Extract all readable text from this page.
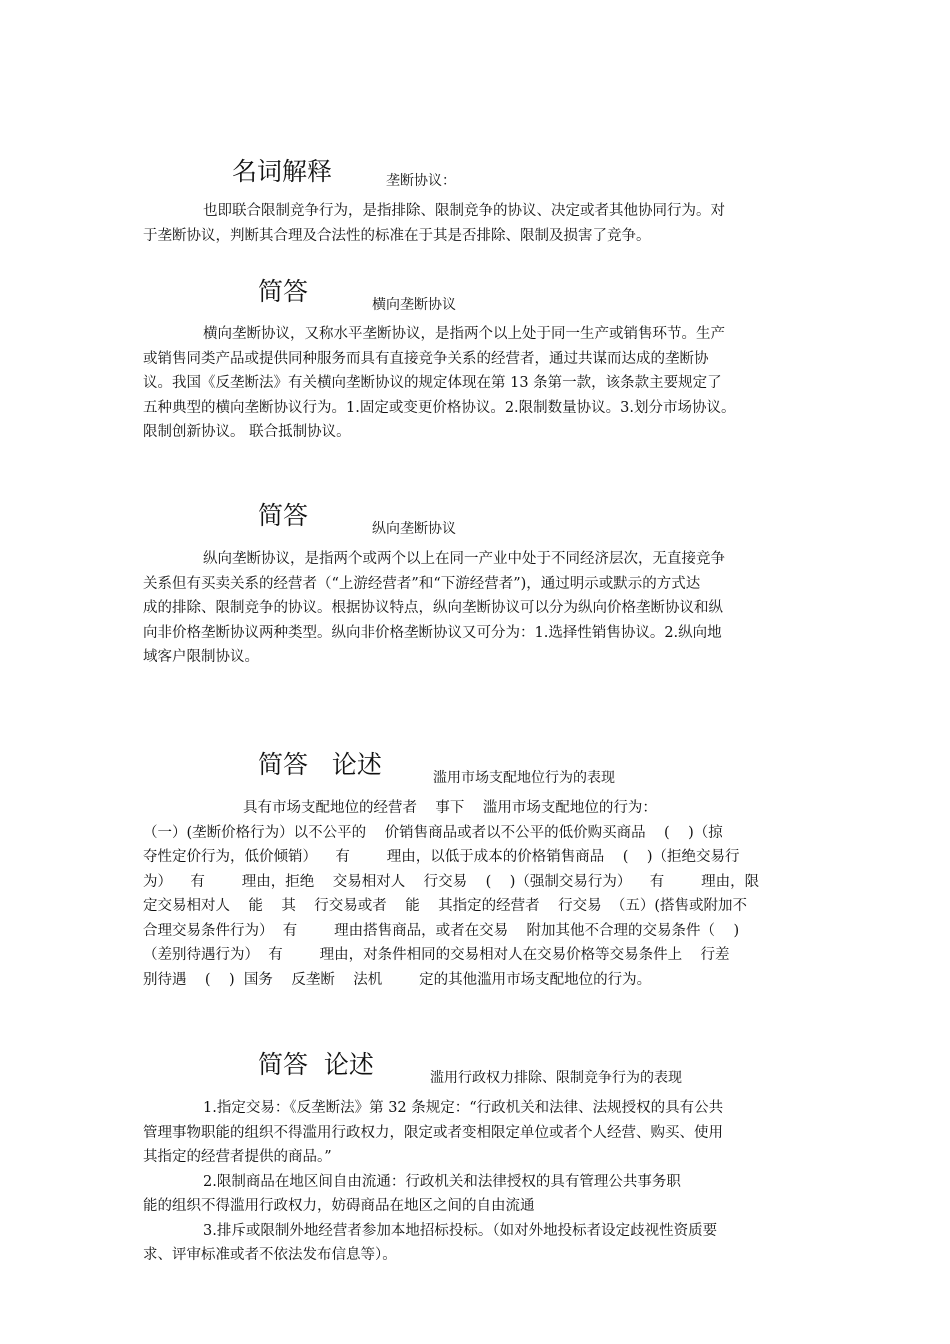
名词解释	垄断协议：
也即联合限制竞争行为，是指排除、限制竞争的协议、决定或者其他协同行为。对
于垄断协议，判断其合理及合法性的标准在于其是否排除、限制及损害了竞争。
简答	横向垄断协议
横向垄断协议，又称水平垄断协议，是指两个以上处于同一生产或销售环节。生产
或销售同类产品或提供同种服务而具有直接竞争关系的经营者，通过共谋而达成的垄断协
议。我国《反垄断法》有关横向垄断协议的规定体现在第 13 条第一款，该条款主要规定了
五种典型的横向垄断协议行为。1.固定或变更价格协议。2.限制数量协议。3.划分市场协议。
限制创新协议。 联合抵制协议。
简答	纵向垄断协议
纵向垄断协议，是指两个或两个以上在同一产业中处于不同经济层次，无直接竞争
关系但有买卖关系的经营者（“上游经营者”和“下游经营者”)，通过明示或默示的方式达
成的排除、限制竞争的协议。根据协议特点，纵向垄断协议可以分为纵向价格垄断协议和纵
向非价格垄断协议两种类型。纵向非价格垄断协议又可分为：1.选择性销售协议。2.纵向地
域客户限制协议。
简答   论述	滥用市场支配地位行为的表现
具有市场支配地位的经营者    事下    滥用市场支配地位的行为：
（一）(垄断价格行为）以不公平的    价销售商品或者以不公平的低价购买商品    (    )（掠
夺性定价行为，低价倾销）    有        理由，以低于成本的价格销售商品    (    )（拒绝交易行
为）    有        理由，拒绝    交易相对人    行交易    (    )（强制交易行为）    有        理由，限
定交易相对人    能    其    行交易或者    能    其指定的经营者    行交易  （五）(搭售或附加不
合理交易条件行为）  有        理由搭售商品，或者在交易    附加其他不合理的交易条件（    )
（差别待遇行为）  有        理由，对条件相同的交易相对人在交易价格等交易条件上    行差
别待遇    (    )  国务    反垄断    法机        定的其他滥用市场支配地位的行为。
简答  论述	滥用行政权力排除、限制竞争行为的表现
1.指定交易：《反垄断法》第 32 条规定：“行政机关和法律、法规授权的具有公共
管理事物职能的组织不得滥用行政权力，限定或者变相限定单位或者个人经营、购买、使用
其指定的经营者提供的商品。”
2.限制商品在地区间自由流通：行政机关和法律授权的具有管理公共事务职
能的组织不得滥用行政权力，妨碍商品在地区之间的自由流通
3.排斥或限制外地经营者参加本地招标投标。（如对外地投标者设定歧视性资质要
求、评审标准或者不依法发布信息等）。
